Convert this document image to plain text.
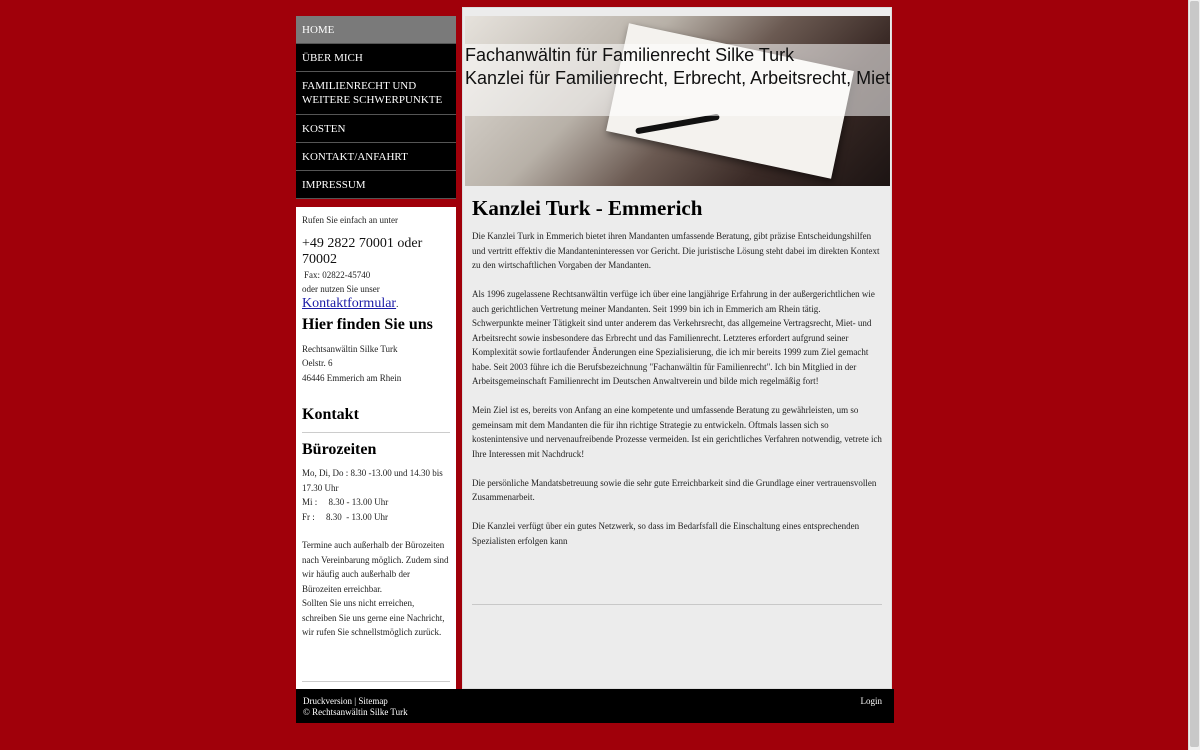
HOME
ÜBER MICH
FAMILIENRECHT UND WEITERE SCHWERPUNKTE
KOSTEN
KONTAKT/ANFAHRT
IMPRESSUM
Rufen Sie einfach an unter
+49 2822 70001 oder 70002
Fax: 02822-45740
oder nutzen Sie unser
Kontaktformular.
Hier finden Sie uns
Rechtsanwältin Silke Turk
Oelstr. 6
46446 Emmerich am Rhein
Kontakt
Bürozeiten
Mo, Di, Do : 8.30 -13.00 und 14.30 bis 17.30 Uhr
Mi :     8.30 - 13.00 Uhr
Fr :     8.30  - 13.00 Uhr
Termine auch außerhalb der Bürozeiten nach Vereinbarung möglich. Zudem sind wir häufig auch außerhalb der Bürozeiten erreichbar.
Sollten Sie uns nicht erreichen, schreiben Sie uns gerne eine Nachricht, wir rufen Sie schnellstmöglich zurück.
Fachanwältin für Familienrecht Silke Turk
Kanzlei für Familienrecht, Erbrecht, Arbeitsrecht, Miet
Kanzlei Turk - Emmerich

Die Kanzlei Turk in Emmerich bietet ihren Mandanten umfassende Beratung, gibt präzise Entscheidungshilfen und vertritt effektiv die Mandanteninteressen vor Gericht. Die juristische Lösung steht dabei im direkten Kontext zu den wirtschaftlichen Vorgaben der Mandanten.

Als 1996 zugelassene Rechtsanwältin verfüge ich über eine langjährige Erfahrung in der außergerichtlichen wie auch gerichtlichen Vertretung meiner Mandanten. Seit 1999 bin ich in Emmerich am Rhein tätig.

Schwerpunkte meiner Tätigkeit sind unter anderem das Verkehrsrecht, das allgemeine Vertragsrecht, Miet- und Arbeitsrecht sowie insbesondere das Erbrecht und das Familienrecht. Letzteres erfordert aufgrund seiner Komplexität sowie fortlaufender Änderungen eine Spezialisierung, die ich mir bereits 1999 zum Ziel gemacht habe. Seit 2003 führe ich die Berufsbezeichnung "Fachanwältin für Familienrecht". Ich bin Mitglied in der Arbeitsgemeinschaft Familienrecht im Deutschen Anwaltverein und bilde mich regelmäßig fort!

Mein Ziel ist es, bereits von Anfang an eine kompetente und umfassende Beratung zu gewährleisten, um so gemeinsam mit dem Mandanten die für ihn richtige Strategie zu entwickeln. Oftmals lassen sich so kostenintensive und nervenaufreibende Prozesse vermeiden. Ist ein gerichtliches Verfahren notwendig, vetrete ich Ihre Interessen mit Nachdruck!

Die persönliche Mandatsbetreuung sowie die sehr gute Erreichbarkeit sind die Grundlage einer vertrauensvollen Zusammenarbeit.

Die Kanzlei verfügt über ein gutes Netzwerk, so dass im Bedarfsfall die Einschaltung eines entsprechenden Spezialisten erfolgen kann

Druckversion | Sitemap
© Rechtsanwältin Silke Turk
Login
